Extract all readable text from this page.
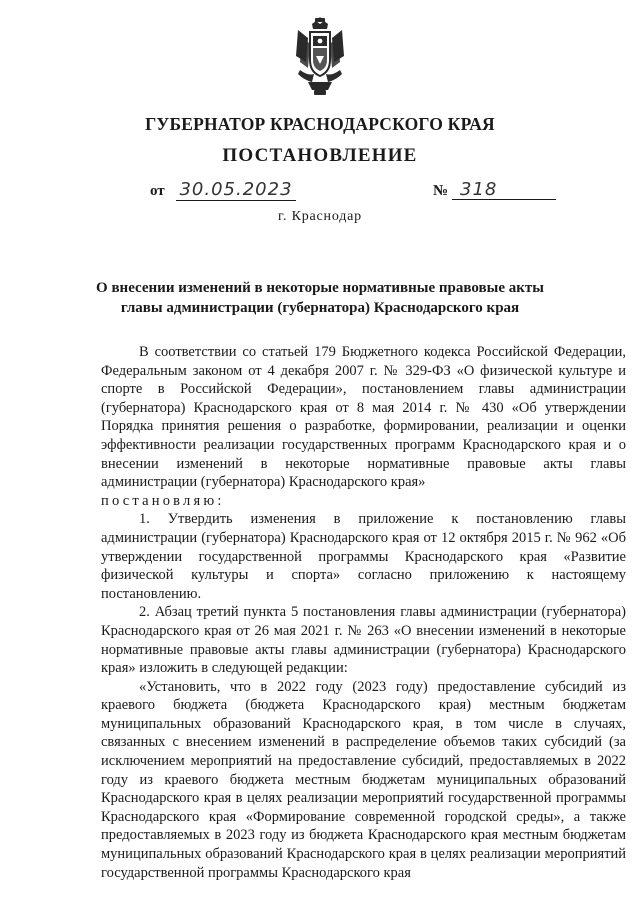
ГУБЕРНАТОР КРАСНОДАРСКОГО КРАЯ
ПОСТАНОВЛЕНИЕ
от 30.05.2023	№ 318
г. Краснодар
О внесении изменений в некоторые нормативные правовые акты главы администрации (губернатора) Краснодарского края

В соответствии со статьей 179 Бюджетного кодекса Российской Федерации, Федеральным законом от 4 декабря 2007 г. № 329-ФЗ «О физической культуре и спорте в Российской Федерации», постановлением главы администрации (губернатора) Краснодарского края от 8 мая 2014 г. № 430 «Об утверждении Порядка принятия решения о разработке, формировании, реализации и оценки эффективности реализации государственных программ Краснодарского края и о внесении изменений в некоторые нормативные правовые акты главы администрации (губернатора) Краснодарского края»

постановляю:

1. Утвердить изменения в приложение к постановлению главы администрации (губернатора) Краснодарского края от 12 октября 2015 г. № 962 «Об утверждении государственной программы Краснодарского края «Развитие физической культуры и спорта» согласно приложению к настоящему постановлению.

2. Абзац третий пункта 5 постановления главы администрации (губернатора) Краснодарского края от 26 мая 2021 г. № 263 «О внесении изменений в некоторые нормативные правовые акты главы администрации (губернатора) Краснодарского края» изложить в следующей редакции:

«Установить, что в 2022 году (2023 году) предоставление субсидий из краевого бюджета (бюджета Краснодарского края) местным бюджетам муниципальных образований Краснодарского края, в том числе в случаях, связанных с внесением изменений в распределение объемов таких субсидий (за исключением мероприятий на предоставление субсидий, предоставляемых в 2022 году из краевого бюджета местным бюджетам муниципальных образований Краснодарского края в целях реализации мероприятий государственной программы Краснодарского края «Формирование современной городской среды», а также предоставляемых в 2023 году из бюджета Краснодарского края местным бюджетам муниципальных образований Краснодарского края в целях реализации мероприятий государственной программы Краснодарского края
